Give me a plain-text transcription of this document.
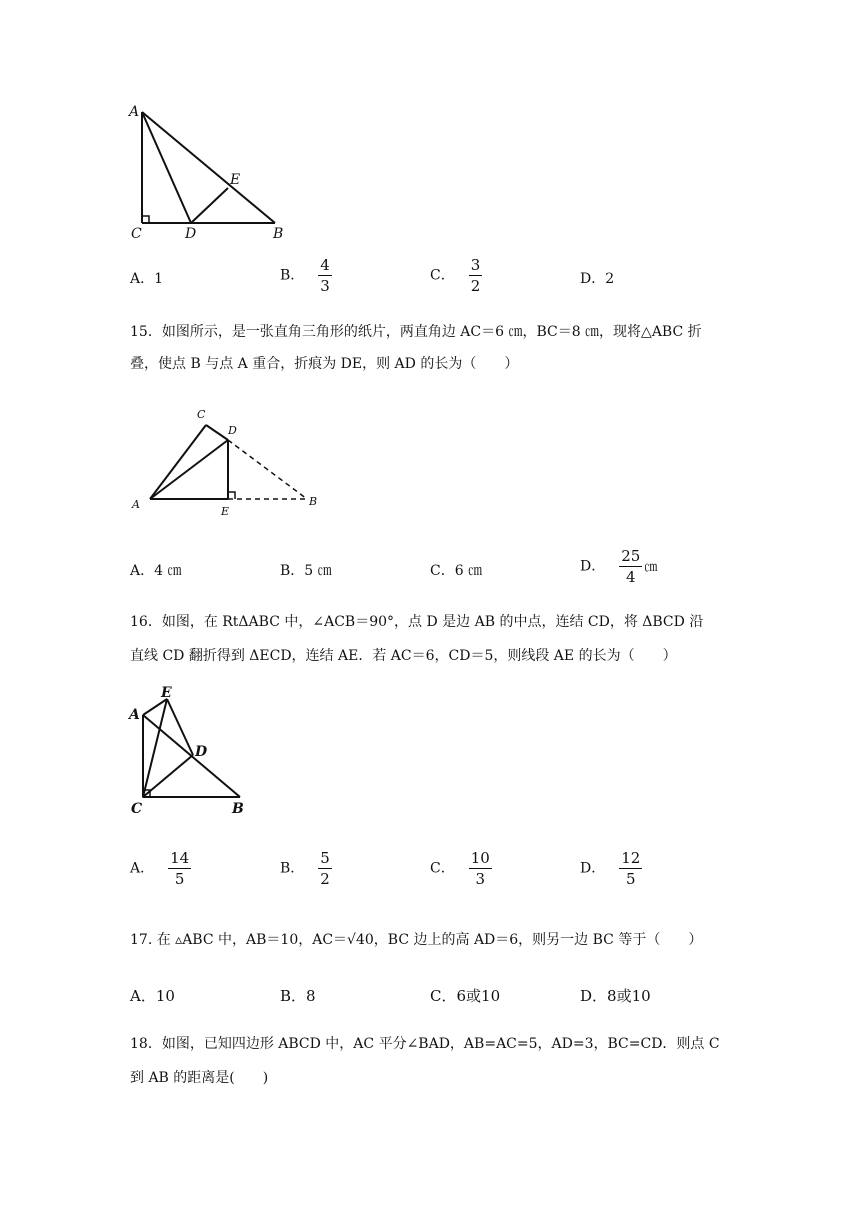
A
C	D	B
E
A．1	B． $\frac{4}{3}$	C． $\frac{3}{2}$	D．2
15．如图所示，是一张直角三角形的纸片，两直角边 AC＝6 ㎝，BC＝8 ㎝，现将△ABC 折
叠，使点 B 与点 A 重合，折痕为 DE，则 AD 的长为（　　）
C
D
A
E
B
A．4 ㎝	B．5 ㎝	C．6 ㎝	D． $\frac{25}{4}$ ㎝
16．如图，在 RtΔABC 中，∠ACB＝90°，点 D 是边 AB 的中点，连结 CD，将 ΔBCD 沿
直线 CD 翻折得到 ΔECD，连结 AE．若 AC＝6，CD＝5，则线段 AE 的长为（　　）
E
A
D
C	B
A． $\frac{14}{5}$	B． $\frac{5}{2}$	C． $\frac{10}{3}$	D． $\frac{12}{5}$
17. 在 ▵ABC 中，AB＝10，AC＝√40，BC 边上的高 AD＝6，则另一边 BC 等于（　　）
A．10	B．8	C．6或10	D．8或10
18．如图，已知四边形 ABCD 中，AC 平分∠BAD，AB=AC=5，AD=3，BC=CD．则点 C
到 AB 的距离是(　　)
